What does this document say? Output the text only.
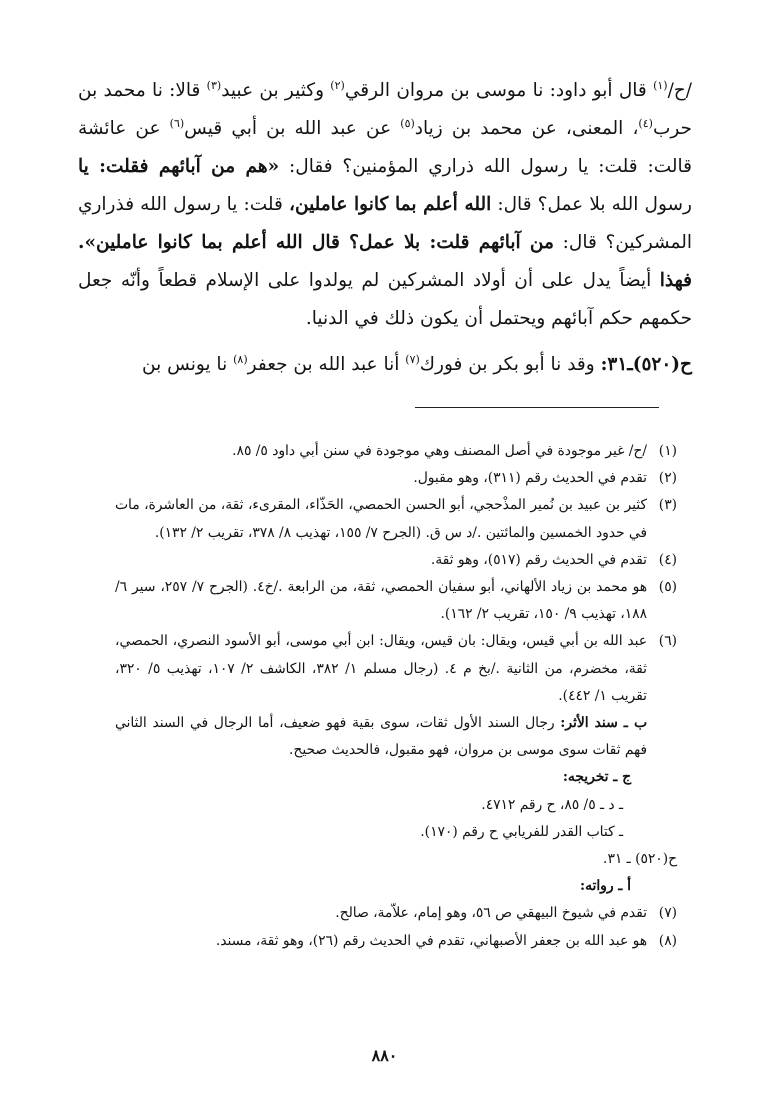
/ح/$^{(١)}$ قال أبو داود: نا موسى بن مروان الرقي$^{(٢)}$ وكثير بن عبيد$^{(٣)}$ قالا: نا محمد بن حرب$^{(٤)}$، المعنى، عن محمد بن زياد$^{(٥)}$ عن عبد الله بن أبي قيس$^{(٦)}$ عن عائشة قالت: قلت: يا رسول الله ذراري المؤمنين؟ فقال: «هم من آبائهم فقلت: يا رسول الله بلا عمل؟ قال: الله أعلم بما كانوا عاملين، قلت: يا رسول الله فذراري المشركين؟ قال: من آبائهم قلت: بلا عمل؟ قال الله أعلم بما كانوا عاملين». فهذا أيضاً يدل على أن أولاد المشركين لم يولدوا على الإسلام قطعاً وأنّه جعل حكمهم حكم آبائهم ويحتمل أن يكون ذلك في الدنيا.

ح(٥٢٠)ـ٣١: وقد نا أبو بكر بن فورك$^{(٧)}$ أنا عبد الله بن جعفر$^{(٨)}$ نا يونس بن

(١)
/ح/ غير موجودة في أصل المصنف وهي موجودة في سنن أبي داود ٥/ ٨٥.
(٢)
تقدم في الحديث رقم (٣١١)، وهو مقبول.
(٣)
كثير بن عبيد بن نُمير المذْحجي، أبو الحسن الحمصي، الحَذّاء، المقرىء، ثقة، من العاشرة، مات في حدود الخمسين والمائتين ./د س ق. (الجرح ٧/ ١٥٥، تهذيب ٨/ ٣٧٨، تقريب ٢/ ١٣٢).
(٤)
تقدم في الحديث رقم (٥١٧)، وهو ثقة.
(٥)
هو محمد بن زياد الألهاني، أبو سفيان الحمصي، ثقة، من الرابعة ./خ٤. (الجرح ٧/ ٢٥٧، سير ٦/ ١٨٨، تهذيب ٩/ ١٥٠، تقريب ٢/ ١٦٢).
(٦)
عبد الله بن أبي قيس، ويقال: بان قيس، ويقال: ابن أبي موسى، أبو الأسود النصري، الحمصي، ثقة، مخضرم، من الثانية ./بخ م ٤. (رجال مسلم ١/ ٣٨٢، الكاشف ٢/ ١٠٧، تهذيب ٥/ ٣٢٠، تقريب ١/ ٤٤٢).
ب ـ سند الأثر: رجال السند الأول ثقات، سوى بقية فهو ضعيف، أما الرجال في السند الثاني فهم ثقات سوى موسى بن مروان، فهو مقبول، فالحديث صحيح.
ج ـ تخريجه:
ـ د ـ ٥/ ٨٥، ح رقم ٤٧١٢.
ـ كتاب القدر للفريابي ح رقم (١٧٠).
ح(٥٢٠) ـ ٣١.
أ ـ رواته:
(٧)
تقدم في شيوخ البيهقي ص ٥٦، وهو إمام، علاّمة، صالح.
(٨)
هو عبد الله بن جعفر الأصبهاني، تقدم في الحديث رقم (٢٦)، وهو ثقة، مسند.
٨٨٠
